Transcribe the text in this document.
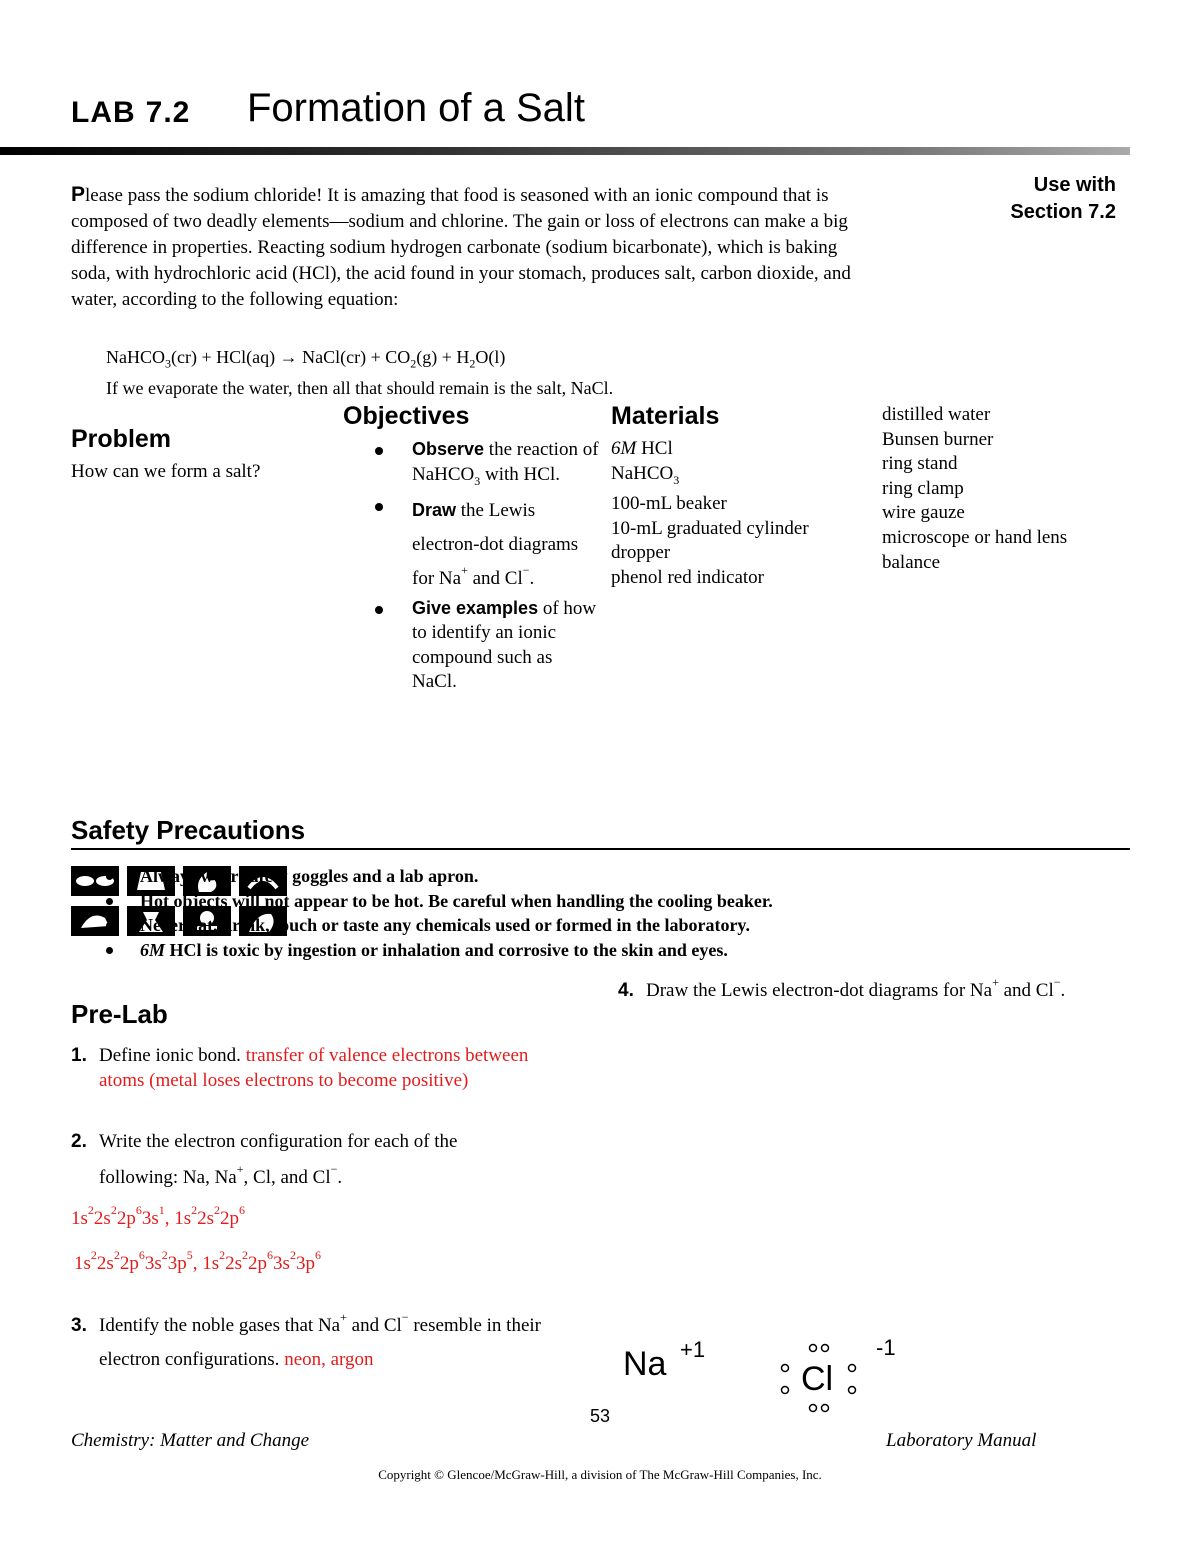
LAB 7.2 Formation of a Salt
Use with
Section 7.2
Please pass the sodium chloride! It is amazing that food is seasoned with an ionic compound that is composed of two deadly elements—sodium and chlorine. The gain or loss of electrons can make a big difference in properties. Reacting sodium hydrogen carbonate (sodium bicarbonate), which is baking soda, with hydrochloric acid (HCl), the acid found in your stomach, produces salt, carbon dioxide, and water, according to the following equation:
NaHCO$_3$(cr) + HCl(aq) → NaCl(cr) + $CO_2(g) + H_2O(l)$
If we evaporate the water, then all that should remain is the salt, NaCl.
Problem
How can we form a salt?
Objectives
Observe the reaction of NaHCO$_3$ with HCl.
Draw the Lewis electron-dot diagrams for Na+ and Cl−.
Give examples of how to identify an ionic compound such as NaCl.
Materials
6M HCl
NaHCO$_3$
100-mL beaker
10-mL graduated cylinder
dropper
phenol red indicator
distilled water
Bunsen burner
ring stand
ring clamp
wire gauze
microscope or hand lens
balance
Safety Precautions
Always wear safety goggles and a lab apron.
Hot objects will not appear to be hot. Be careful when handling the cooling beaker.
Never eat, drink, touch or taste any chemicals used or formed in the laboratory.
6M HCl is toxic by ingestion or inhalation and corrosive to the skin and eyes.
Pre-Lab
1. Define ionic bond. transfer of valence electrons between atoms (metal loses electrons to become positive)
2. Write the electron configuration for each of the following: Na, Na+, Cl, and Cl−.
$1s^22s^22p^63s^1$, $1s^22s^22p^6$
$1s^22s^22p^63s^23p^5$, $1s^22s^22p^63s^23p^6$
3. Identify the noble gases that Na+ and Cl− resemble in their electron configurations. neon, argon
4. Draw the Lewis electron-dot diagrams for Na+ and Cl−.
Na +1
Cl
-1
53
Chemistry: Matter and Change	Laboratory Manual
Copyright © Glencoe/McGraw-Hill, a division of The McGraw-Hill Companies, Inc.
